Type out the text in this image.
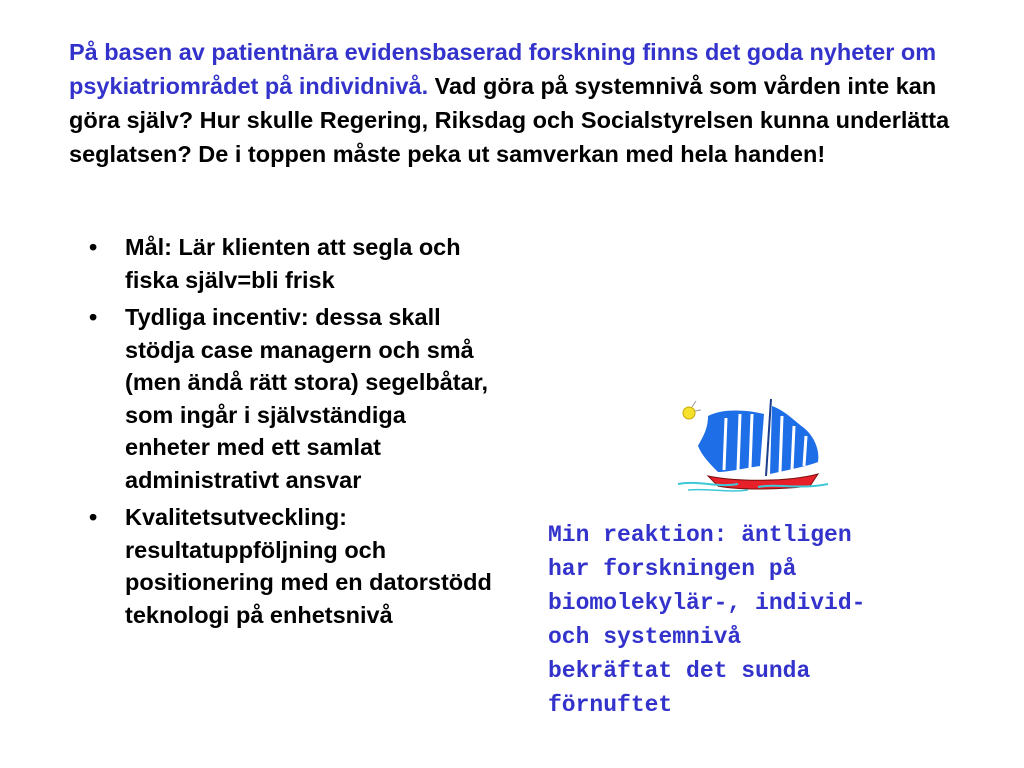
På basen av patientnära evidensbaserad forskning finns det goda nyheter om psykiatriområdet på individnivå. Vad göra på systemnivå som vården inte kan göra själv? Hur skulle Regering, Riksdag och Socialstyrelsen kunna underlätta seglatsen? De i toppen måste peka ut samverkan med hela handen!

• Mål: Lär klienten att segla och fiska själv=bli frisk
• Tydliga incentiv: dessa skall stödja case managern och små (men ändå rätt stora) segelbåtar, som ingår i självständiga enheter med ett samlat administrativt ansvar
• Kvalitetsutveckling: resultatuppföljning och positionering med en datorstödd teknologi på enhetsnivå
Min reaktion: äntligen
har forskningen på
biomolekylär-, individ-
och systemnivå
bekräftat det sunda
förnuftet
